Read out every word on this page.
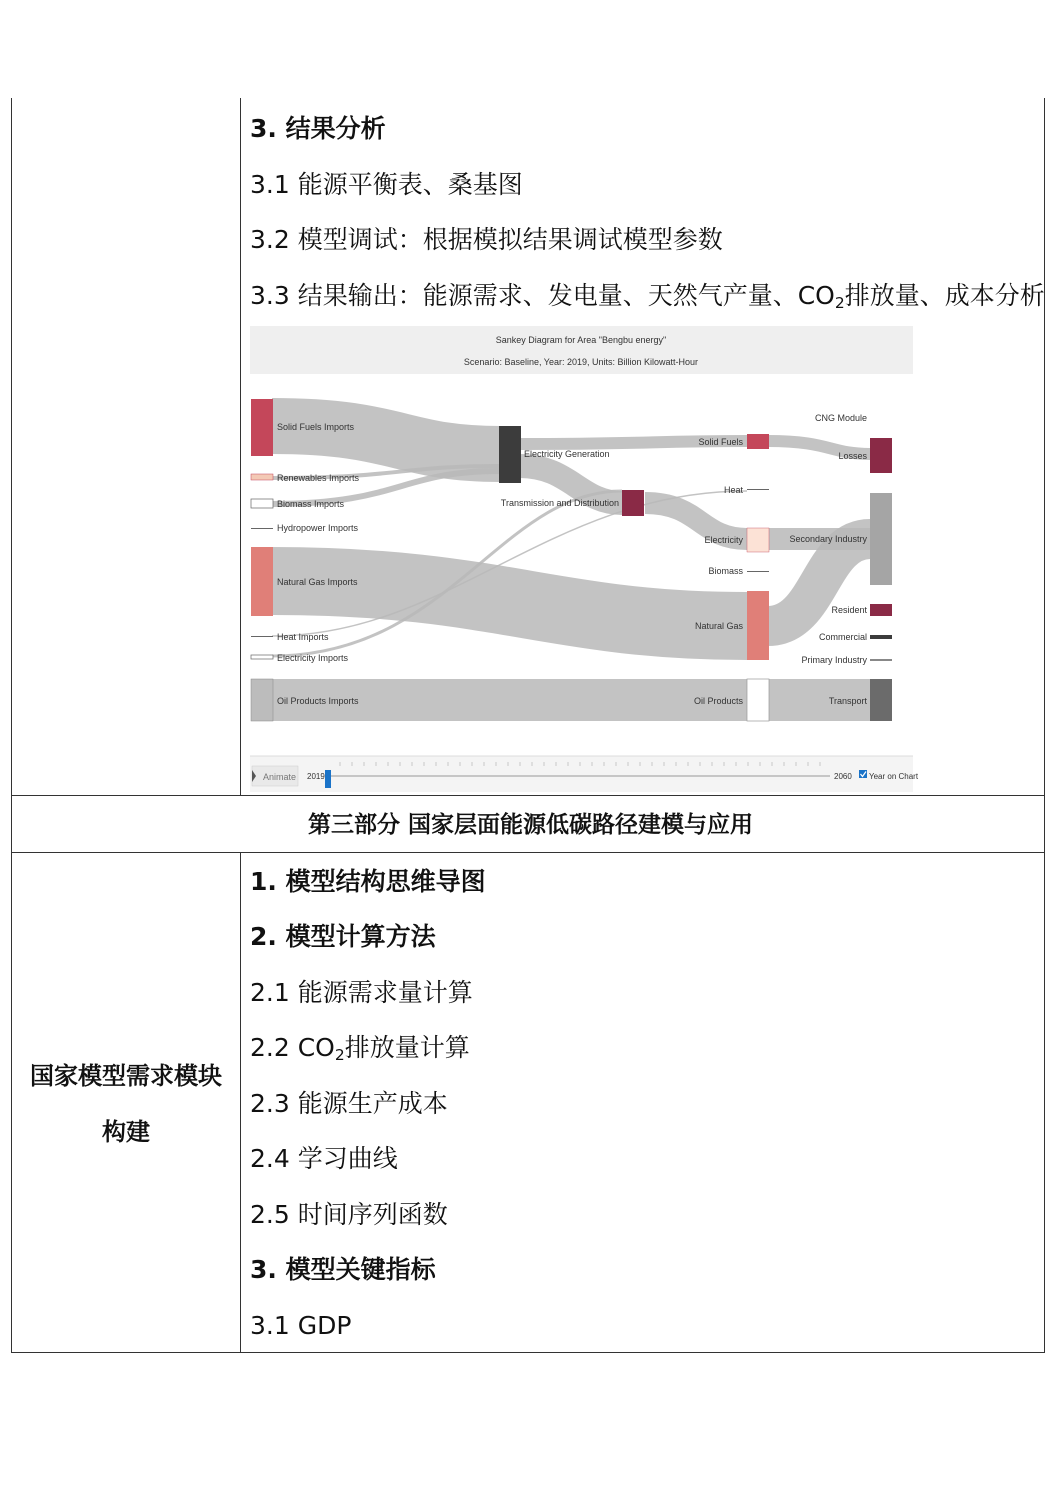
3. 结果分析
3.1 能源平衡表、桑基图
3.2 模型调试：根据模拟结果调试模型参数
3.3 结果输出：能源需求、发电量、天然气产量、$CO_2$排放量、成本分析
Sankey Diagram for Area "Bengbu energy"
Scenario: Baseline, Year: 2019, Units: Billion Kilowatt-Hour
Solid Fuels Imports
Renewables Imports
Biomass Imports
Hydropower Imports
Natural Gas Imports
Heat Imports
Electricity Imports
Oil Products Imports
Electricity Generation
Transmission and Distribution
Solid Fuels
Heat
Electricity
Biomass
Natural Gas
Oil Products
CNG Module
Losses
Secondary Industry
Resident
Commercial
Primary Industry
Transport
Animate 2019	2060 Year on Chart
第三部分 国家层面能源低碳路径建模与应用
国家模型需求模块
构建
1. 模型结构思维导图
2. 模型计算方法
2.1 能源需求量计算
2.2 $CO_2$排放量计算
2.3 能源生产成本
2.4 学习曲线
2.5 时间序列函数
3. 模型关键指标
3.1 GDP
